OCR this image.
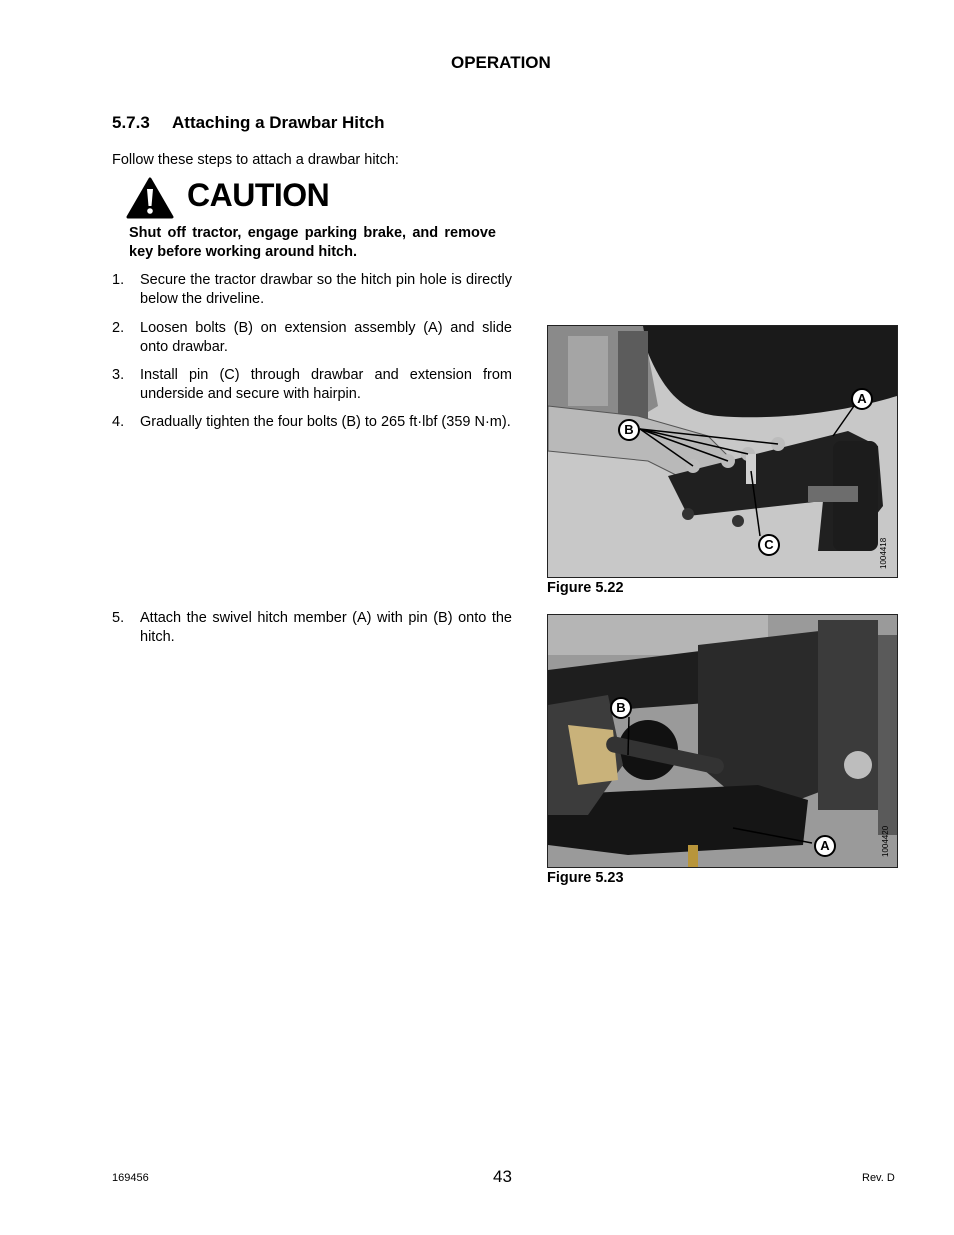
OPERATION
5.7.3 Attaching a Drawbar Hitch
Follow these steps to attach a drawbar hitch:
CAUTION
Shut off tractor, engage parking brake, and remove key before working around hitch.
1.	Secure the tractor drawbar so the hitch pin hole is directly below the driveline.
2.	Loosen bolts (B) on extension assembly (A) and slide onto drawbar.
3.	Install pin (C) through drawbar and extension from underside and secure with hairpin.
4.	Gradually tighten the four bolts (B) to 265 ft·lbf (359 N·m).
5.	Attach the swivel hitch member (A) with pin (B) onto the hitch.
A
B
C	1004418
Figure 5.22
B
A	1004420
Figure 5.23
169456	43	Rev. D
